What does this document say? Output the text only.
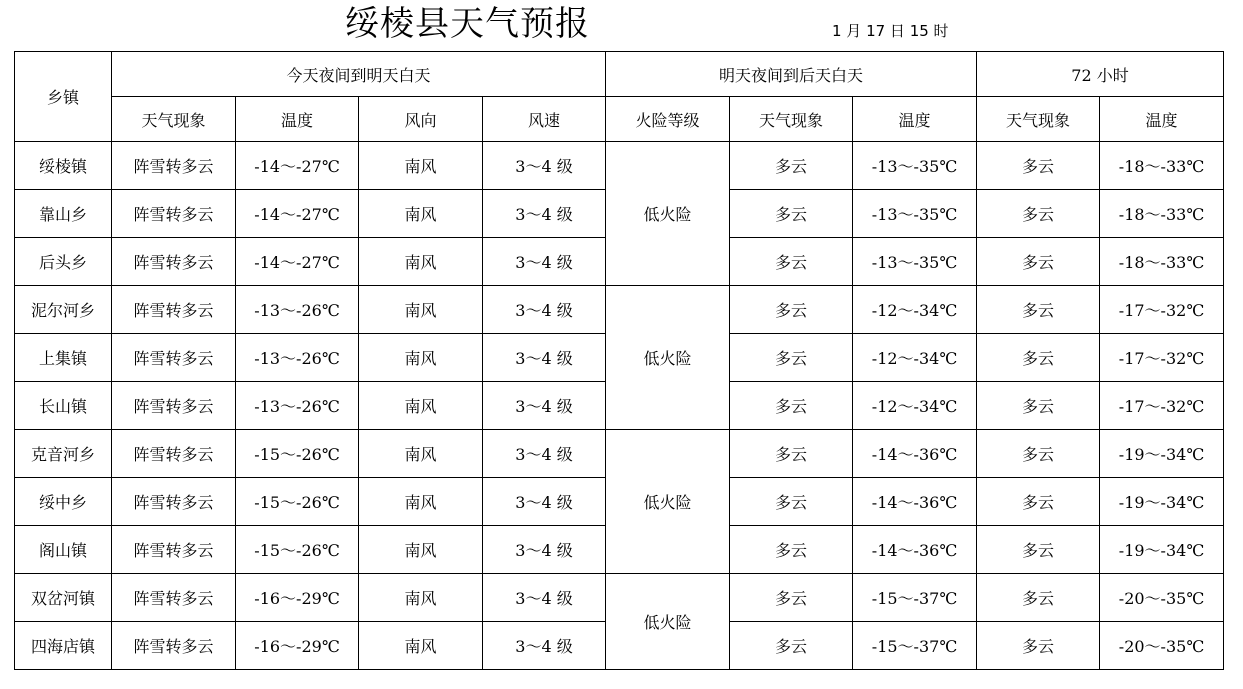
绥棱县天气预报	1 月 17 日 15 时
乡镇	今天夜间到明天白天				明天夜间到后天白天			72 小时	
	天气现象	温度	风向	风速	火险等级	天气现象	温度	天气现象	温度
绥棱镇	阵雪转多云	-14～-27℃	南风	3～4 级	低火险	多云	-13～-35℃	多云	-18～-33℃
靠山乡	阵雪转多云	-14～-27℃	南风	3～4 级		多云	-13～-35℃	多云	-18～-33℃
后头乡	阵雪转多云	-14～-27℃	南风	3～4 级		多云	-13～-35℃	多云	-18～-33℃
泥尔河乡	阵雪转多云	-13～-26℃	南风	3～4 级	低火险	多云	-12～-34℃	多云	-17～-32℃
上集镇	阵雪转多云	-13～-26℃	南风	3～4 级		多云	-12～-34℃	多云	-17～-32℃
长山镇	阵雪转多云	-13～-26℃	南风	3～4 级		多云	-12～-34℃	多云	-17～-32℃
克音河乡	阵雪转多云	-15～-26℃	南风	3～4 级	低火险	多云	-14～-36℃	多云	-19～-34℃
绥中乡	阵雪转多云	-15～-26℃	南风	3～4 级		多云	-14～-36℃	多云	-19～-34℃
阁山镇	阵雪转多云	-15～-26℃	南风	3～4 级		多云	-14～-36℃	多云	-19～-34℃
双岔河镇	阵雪转多云	-16～-29℃	南风	3～4 级	低火险	多云	-15～-37℃	多云	-20～-35℃
四海店镇	阵雪转多云	-16～-29℃	南风	3～4 级		多云	-15～-37℃	多云	-20～-35℃
